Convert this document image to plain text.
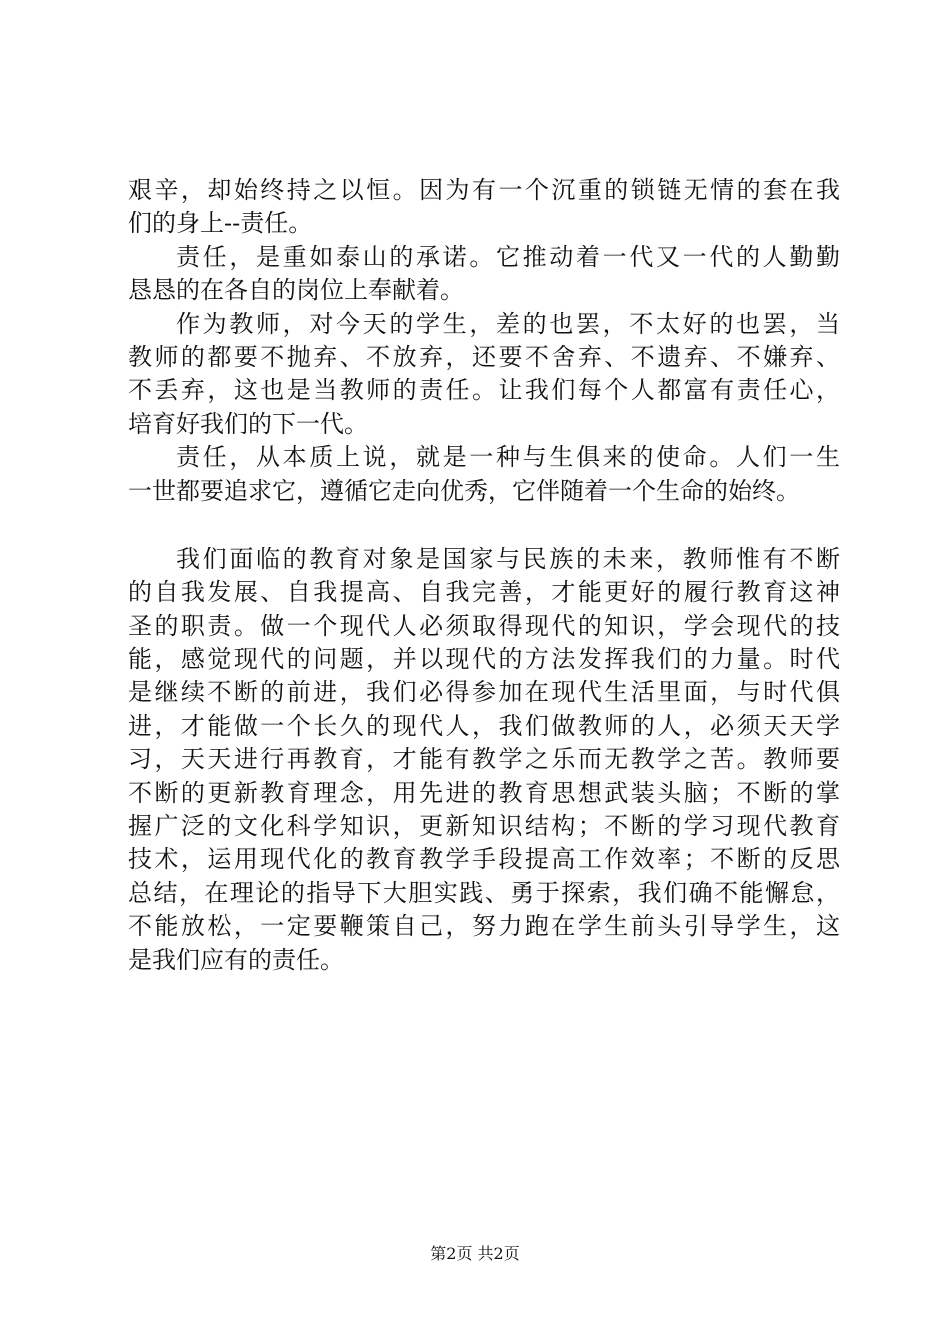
艰辛，却始终持之以恒。因为有一个沉重的锁链无情的套在我
们的身上--责任。
责任，是重如泰山的承诺。它推动着一代又一代的人勤勤
恳恳的在各自的岗位上奉献着。
作为教师，对今天的学生，差的也罢，不太好的也罢，当
教师的都要不抛弃、不放弃，还要不舍弃、不遗弃、不嫌弃、
不丢弃，这也是当教师的责任。让我们每个人都富有责任心，
培育好我们的下一代。
责任，从本质上说，就是一种与生俱来的使命。人们一生
一世都要追求它，遵循它走向优秀，它伴随着一个生命的始终。
我们面临的教育对象是国家与民族的未来，教师惟有不断
的自我发展、自我提高、自我完善，才能更好的履行教育这神
圣的职责。做一个现代人必须取得现代的知识，学会现代的技
能，感觉现代的问题，并以现代的方法发挥我们的力量。时代
是继续不断的前进，我们必得参加在现代生活里面，与时代俱
进，才能做一个长久的现代人，我们做教师的人，必须天天学
习，天天进行再教育，才能有教学之乐而无教学之苦。教师要
不断的更新教育理念，用先进的教育思想武装头脑；不断的掌
握广泛的文化科学知识，更新知识结构；不断的学习现代教育
技术，运用现代化的教育教学手段提高工作效率；不断的反思
总结，在理论的指导下大胆实践、勇于探索，我们确不能懈怠，
不能放松，一定要鞭策自己，努力跑在学生前头引导学生，这
是我们应有的责任。
第2页 共2页
